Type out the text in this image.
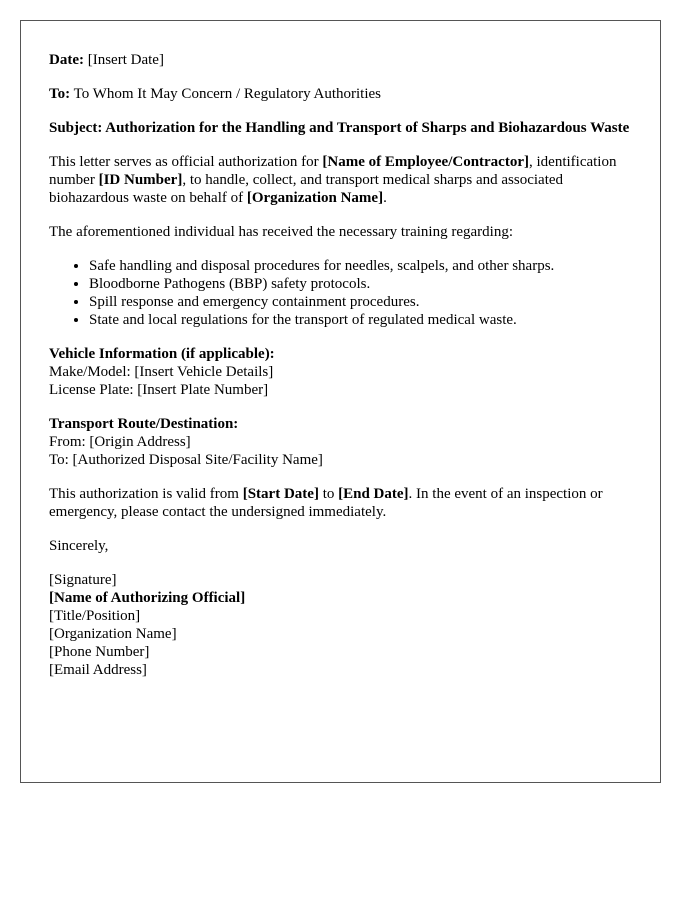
Date: [Insert Date]

To: To Whom It May Concern / Regulatory Authorities

Subject: Authorization for the Handling and Transport of Sharps and Biohazardous Waste

This letter serves as official authorization for [Name of Employee/Contractor], identification number [ID Number], to handle, collect, and transport medical sharps and associated biohazardous waste on behalf of [Organization Name].

The aforementioned individual has received the necessary training regarding:

• Safe handling and disposal procedures for needles, scalpels, and other sharps.
• Bloodborne Pathogens (BBP) safety protocols.
• Spill response and emergency containment procedures.
• State and local regulations for the transport of regulated medical waste.

Vehicle Information (if applicable):
Make/Model: [Insert Vehicle Details]
License Plate: [Insert Plate Number]

Transport Route/Destination:
From: [Origin Address]
To: [Authorized Disposal Site/Facility Name]

This authorization is valid from [Start Date] to [End Date]. In the event of an inspection or emergency, please contact the undersigned immediately.

Sincerely,

[Signature]
[Name of Authorizing Official]
[Title/Position]
[Organization Name]
[Phone Number]
[Email Address]
